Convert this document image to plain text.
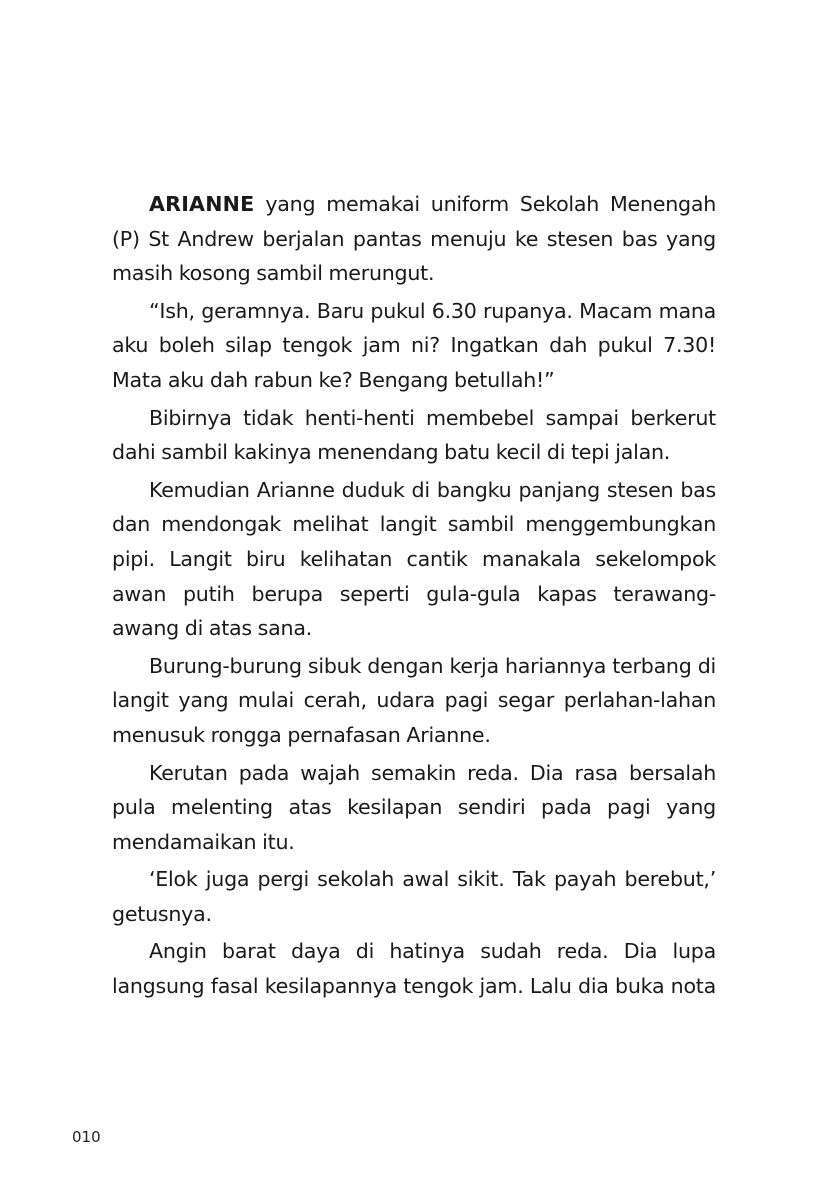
ARIANNE yang memakai uniform Sekolah Menengah (P) St Andrew berjalan pantas menuju ke stesen bas yang masih kosong sambil merungut.

“Ish, geramnya. Baru pukul 6.30 rupanya. Macam mana aku boleh silap tengok jam ni? Ingatkan dah pukul 7.30! Mata aku dah rabun ke? Bengang betullah!”

Bibirnya tidak henti-henti membebel sampai berkerut dahi sambil kakinya menendang batu kecil di tepi jalan.

Kemudian Arianne duduk di bangku panjang stesen bas dan mendongak melihat langit sambil menggembungkan pipi. Langit biru kelihatan cantik manakala sekelompok awan putih berupa seperti gula-gula kapas terawang-awang di atas sana.

Burung-burung sibuk dengan kerja hariannya terbang di langit yang mulai cerah, udara pagi segar perlahan-lahan menusuk rongga pernafasan Arianne.

Kerutan pada wajah semakin reda. Dia rasa bersalah pula melenting atas kesilapan sendiri pada pagi yang mendamaikan itu.

‘Elok juga pergi sekolah awal sikit. Tak payah berebut,’ getusnya.

Angin barat daya di hatinya sudah reda. Dia lupa langsung fasal kesilapannya tengok jam. Lalu dia buka nota

010
